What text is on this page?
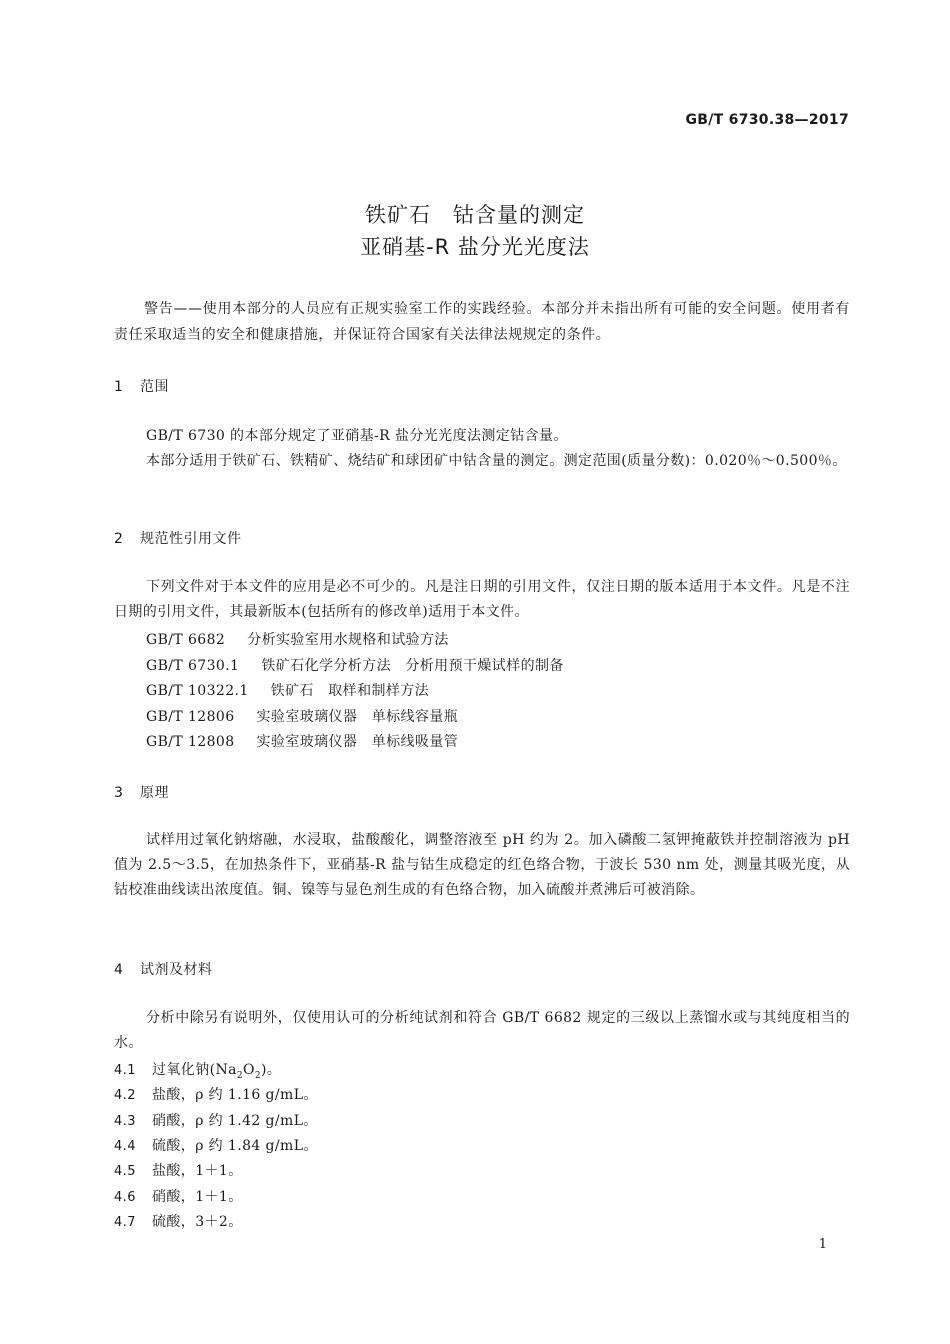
GB/T 6730.38—2017
铁矿石　钴含量的测定
亚硝基-R 盐分光光度法
警告——使用本部分的人员应有正规实验室工作的实践经验。本部分并未指出所有可能的安全问题。使用者有责任采取适当的安全和健康措施，并保证符合国家有关法律法规规定的条件。
1 范围
GB/T 6730 的本部分规定了亚硝基-R 盐分光光度法测定钴含量。
本部分适用于铁矿石、铁精矿、烧结矿和球团矿中钴含量的测定。测定范围(质量分数)：0.020％～0.500％。
2 规范性引用文件
下列文件对于本文件的应用是必不可少的。凡是注日期的引用文件，仅注日期的版本适用于本文件。凡是不注日期的引用文件，其最新版本(包括所有的修改单)适用于本文件。
GB/T 6682 分析实验室用水规格和试验方法
GB/T 6730.1 铁矿石化学分析方法　分析用预干燥试样的制备
GB/T 10322.1 铁矿石　取样和制样方法
GB/T 12806 实验室玻璃仪器　单标线容量瓶
GB/T 12808 实验室玻璃仪器　单标线吸量管
3 原理
试样用过氧化钠熔融，水浸取，盐酸酸化，调整溶液至 pH 约为 2。加入磷酸二氢钾掩蔽铁并控制溶液为 pH 值为 2.5～3.5，在加热条件下，亚硝基-R 盐与钴生成稳定的红色络合物，于波长 530 nm 处，测量其吸光度，从钴校准曲线读出浓度值。铜、镍等与显色剂生成的有色络合物，加入硫酸并煮沸后可被消除。
4 试剂及材料
分析中除另有说明外，仅使用认可的分析纯试剂和符合 GB/T 6682 规定的三级以上蒸馏水或与其纯度相当的水。
4.1 过氧化钠$(Na_2O_2)$。
4.2 盐酸，ρ 约 1.16 g/mL。
4.3 硝酸，ρ 约 1.42 g/mL。
4.4 硫酸，ρ 约 1.84 g/mL。
4.5 盐酸，1＋1。
4.6 硝酸，1＋1。
4.7 硫酸，3＋2。
1
